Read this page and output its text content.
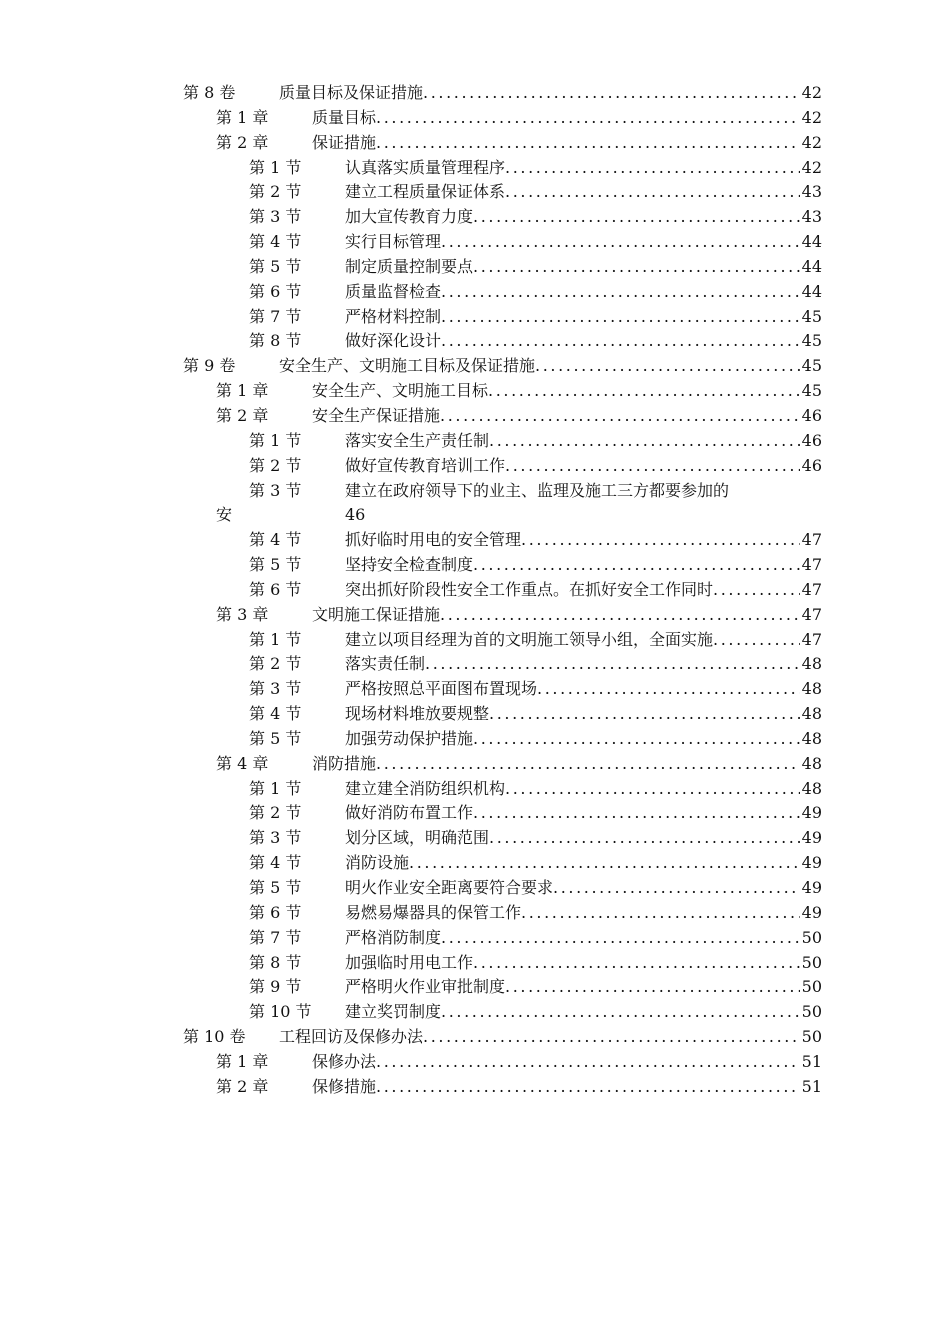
第 8 卷	质量目标及保证措施 .....	42
第 1 章	质量目标 .....	42
第 2 章	保证措施 .....	42
第 1 节	认真落实质量管理程序 .....	42
第 2 节	建立工程质量保证体系 .....	43
第 3 节	加大宣传教育力度 .....	43
第 4 节	实行目标管理 .....	44
第 5 节	制定质量控制要点 .....	44
第 6 节	质量监督检查 .....	44
第 7 节	严格材料控制 .....	45
第 8 节	做好深化设计 .....	45
第 9 卷	安全生产、文明施工目标及保证措施 .....	45
第 1 章	安全生产、文明施工目标 .....	45
第 2 章	安全生产保证措施 .....	46
第 1 节	落实安全生产责任制 .....	46
第 2 节	做好宣传教育培训工作 .....	46
第 3 节	建立在政府领导下的业主、监理及施工三方都要参加的
安	46
第 4 节	抓好临时用电的安全管理 .....	47
第 5 节	坚持安全检查制度 .....	47
第 6 节	突出抓好阶段性安全工作重点。在抓好安全工作同时 .....	47
第 3 章	文明施工保证措施 .....	47
第 1 节	建立以项目经理为首的文明施工领导小组，全面实施 .....	47
第 2 节	落实责任制 .....	48
第 3 节	严格按照总平面图布置现场 .....	48
第 4 节	现场材料堆放要规整 .....	48
第 5 节	加强劳动保护措施 .....	48
第 4 章	消防措施 .....	48
第 1 节	建立建全消防组织机构 .....	48
第 2 节	做好消防布置工作 .....	49
第 3 节	划分区域，明确范围 .....	49
第 4 节	消防设施 .....	49
第 5 节	明火作业安全距离要符合要求 .....	49
第 6 节	易燃易爆器具的保管工作 .....	49
第 7 节	严格消防制度 .....	50
第 8 节	加强临时用电工作 .....	50
第 9 节	严格明火作业审批制度 .....	50
第 10 节 建立奖罚制度 .....	50
第 10 卷 工程回访及保修办法 .....	50
第 1 章	保修办法 .....	51
第 2 章	保修措施 .....	51
